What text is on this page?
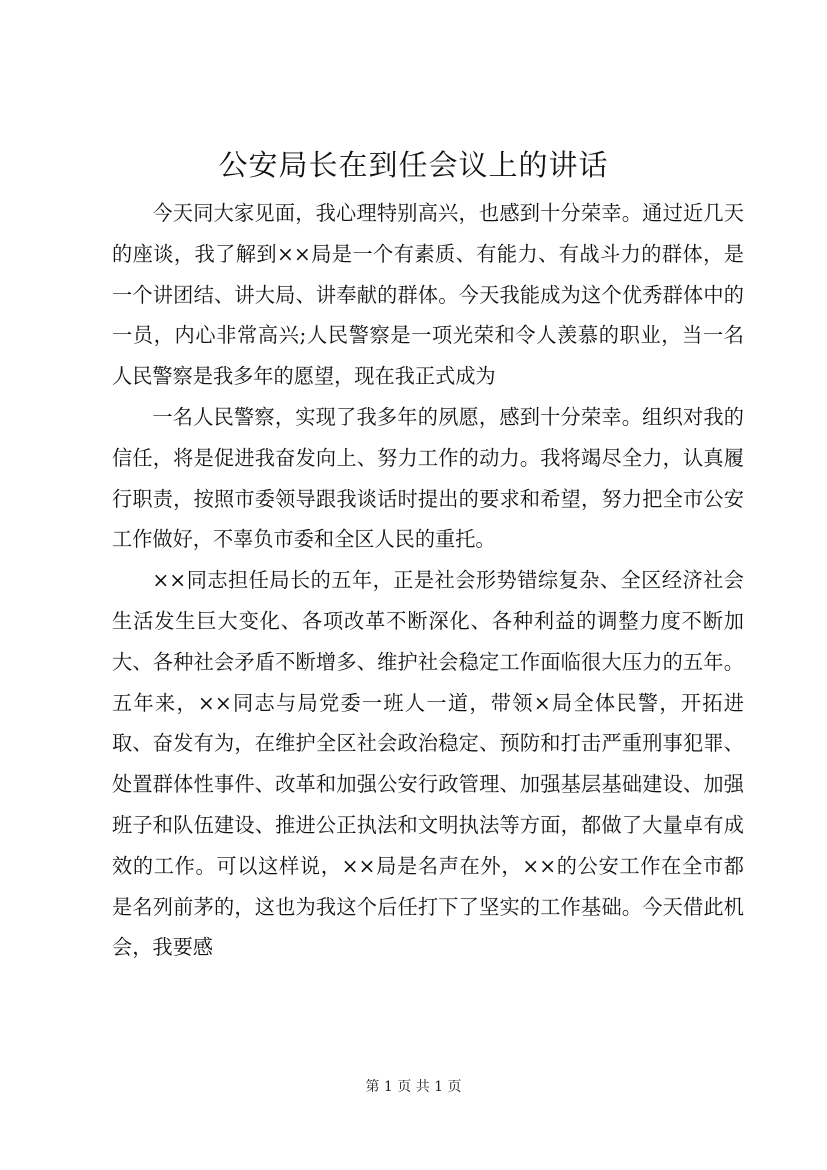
公安局长在到任会议上的讲话

今天同大家见面，我心理特别高兴，也感到十分荣幸。通过近几天的座谈，我了解到××局是一个有素质、有能力、有战斗力的群体，是一个讲团结、讲大局、讲奉献的群体。今天我能成为这个优秀群体中的一员，内心非常高兴;人民警察是一项光荣和令人羡慕的职业，当一名人民警察是我多年的愿望，现在我正式成为

一名人民警察，实现了我多年的夙愿，感到十分荣幸。组织对我的信任，将是促进我奋发向上、努力工作的动力。我将竭尽全力，认真履行职责，按照市委领导跟我谈话时提出的要求和希望，努力把全市公安工作做好，不辜负市委和全区人民的重托。

××同志担任局长的五年，正是社会形势错综复杂、全区经济社会生活发生巨大变化、各项改革不断深化、各种利益的调整力度不断加大、各种社会矛盾不断增多、维护社会稳定工作面临很大压力的五年。五年来，××同志与局党委一班人一道，带领×局全体民警，开拓进取、奋发有为，在维护全区社会政治稳定、预防和打击严重刑事犯罪、处置群体性事件、改革和加强公安行政管理、加强基层基础建设、加强班子和队伍建设、推进公正执法和文明执法等方面，都做了大量卓有成效的工作。可以这样说，××局是名声在外，××的公安工作在全市都是名列前茅的，这也为我这个后任打下了坚实的工作基础。今天借此机会，我要感

第 1 页 共 1 页
